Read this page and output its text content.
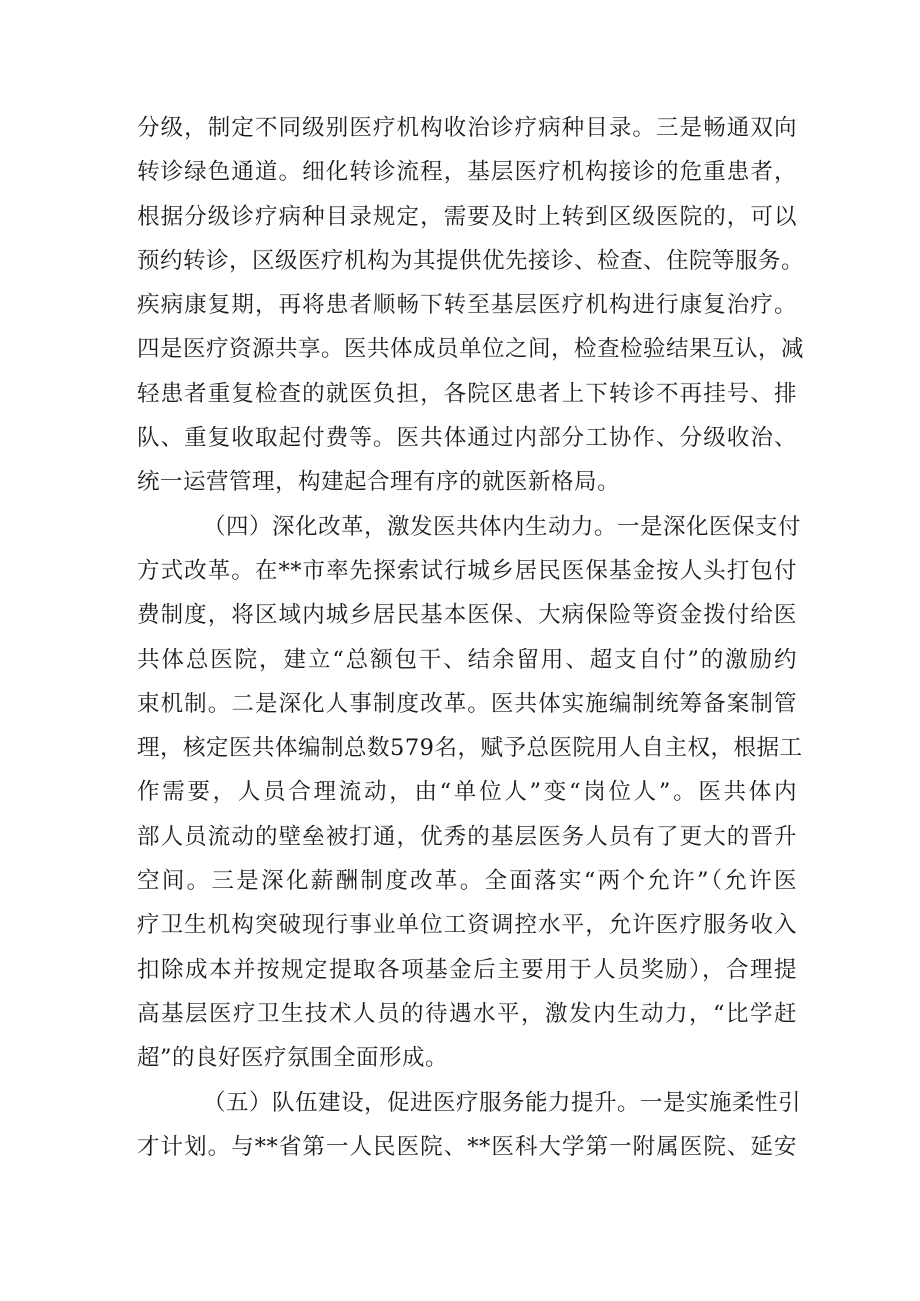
分级，制定不同级别医疗机构收治诊疗病种目录。三是畅通双向
转诊绿色通道。细化转诊流程，基层医疗机构接诊的危重患者，
根据分级诊疗病种目录规定，需要及时上转到区级医院的，可以
预约转诊，区级医疗机构为其提供优先接诊、检查、住院等服务。
疾病康复期，再将患者顺畅下转至基层医疗机构进行康复治疗。
四是医疗资源共享。医共体成员单位之间，检查检验结果互认，减
轻患者重复检查的就医负担，各院区患者上下转诊不再挂号、排
队、重复收取起付费等。医共体通过内部分工协作、分级收治、
统一运营管理，构建起合理有序的就医新格局。
（四）深化改革，激发医共体内生动力。一是深化医保支付
方式改革。在**市率先探索试行城乡居民医保基金按人头打包付
费制度，将区域内城乡居民基本医保、大病保险等资金拨付给医
共体总医院，建立“总额包干、结余留用、超支自付”的激励约
束机制。二是深化人事制度改革。医共体实施编制统筹备案制管
理，核定医共体编制总数579名，赋予总医院用人自主权，根据工
作需要，人员合理流动，由“单位人”变“岗位人”。医共体内
部人员流动的壁垒被打通，优秀的基层医务人员有了更大的晋升
空间。三是深化薪酬制度改革。全面落实“两个允许”（允许医
疗卫生机构突破现行事业单位工资调控水平，允许医疗服务收入
扣除成本并按规定提取各项基金后主要用于人员奖励），合理提
高基层医疗卫生技术人员的待遇水平，激发内生动力，“比学赶
超”的良好医疗氛围全面形成。
（五）队伍建设，促进医疗服务能力提升。一是实施柔性引
才计划。与**省第一人民医院、**医科大学第一附属医院、延安
